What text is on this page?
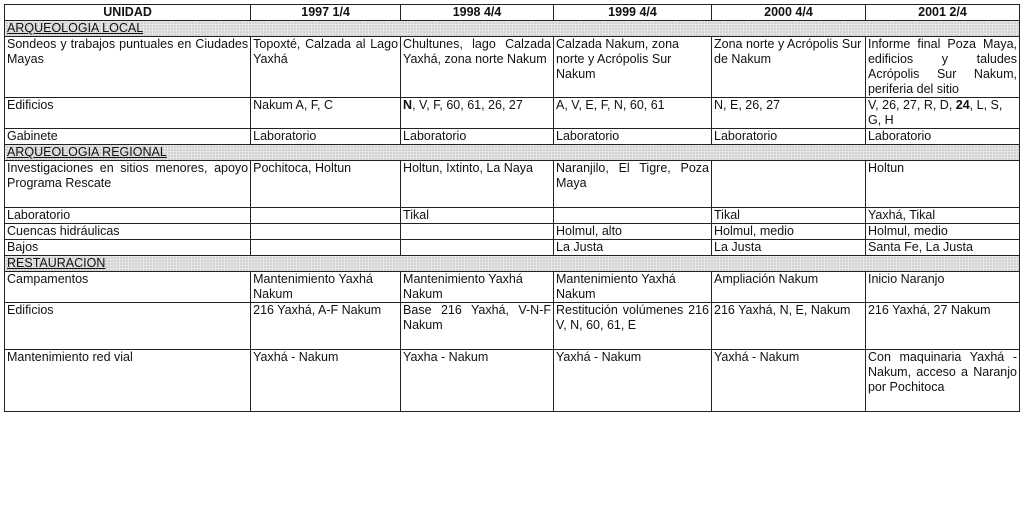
UNIDAD	1997 1/4	1998 4/4	1999 4/4	2000 4/4	2001 2/4
ARQUEOLOGIA LOCAL					
Sondeos y trabajos puntuales en Ciudades Mayas	Topoxté, Calzada al Lago Yaxhá	Chultunes, lago Calzada Yaxhá, zona norte Nakum	Calzada Nakum, zona norte y Acrópolis Sur Nakum	Zona norte y Acrópolis Sur de Nakum	Informe final Poza Maya, edificios y taludes Acrópolis Sur Nakum, periferia del sitio
Edificios	Nakum A, F, C	N, V, F, 60, 61, 26, 27	A, V, E, F, N, 60, 61	N, E, 26, 27	V, 26, 27, R, D, 24, L, S, G, H
Gabinete	Laboratorio	Laboratorio	Laboratorio	Laboratorio	Laboratorio
ARQUEOLOGIA REGIONAL					
Investigaciones en sitios menores, apoyo Programa Rescate	Pochitoca, Holtun	Holtun, Ixtinto, La Naya	Naranjilo, El Tigre, Poza Maya		Holtun
Laboratorio		Tikal		Tikal	Yaxhá, Tikal
Cuencas hidráulicas			Holmul, alto	Holmul, medio	Holmul, medio
Bajos			La Justa	La Justa	Santa Fe, La Justa
RESTAURACION					
Campamentos	Mantenimiento Yaxhá Nakum	Mantenimiento Yaxhá Nakum	Mantenimiento Yaxhá Nakum	Ampliación Nakum	Inicio Naranjo
Edificios	216 Yaxhá, A-F Nakum	Base 216 Yaxhá, V-N-F Nakum	Restitución volúmenes 216 V, N, 60, 61, E	216 Yaxhá, N, E, Nakum	216 Yaxhá, 27 Nakum
Mantenimiento red vial	Yaxhá - Nakum	Yaxha - Nakum	Yaxhá - Nakum	Yaxhá - Nakum	Con maquinaria Yaxhá - Nakum, acceso a Naranjo por Pochitoca
